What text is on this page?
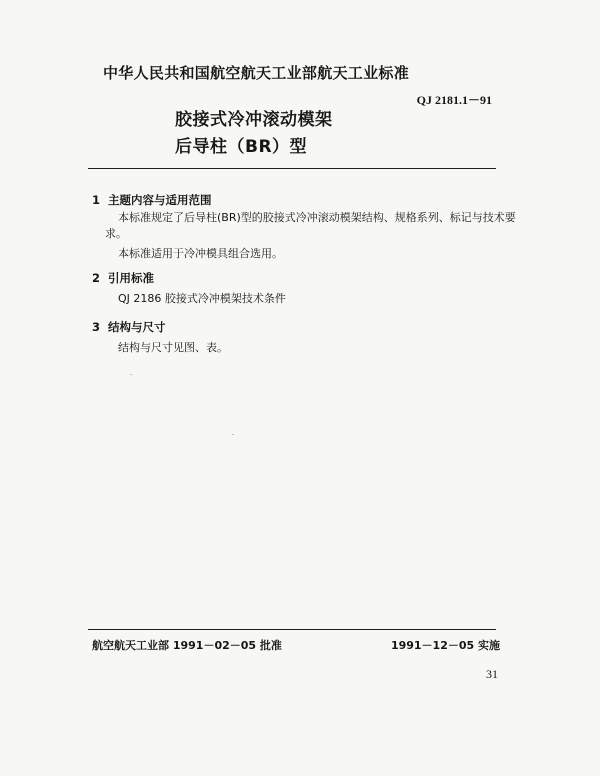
中华人民共和国航空航天工业部航天工业标准
QJ 2181.1－91
胶接式冷冲滚动模架
后导柱（BR）型
1 主题内容与适用范围
本标准规定了后导柱(BR)型的胶接式冷冲滚动模架结构、规格系列、标记与技术要
求。
本标准适用于冷冲模具组合选用。
2 引用标准
QJ 2186 胶接式冷冲模架技术条件
3 结构与尺寸
结构与尺寸见图、表。
航空航天工业部 1991－02－05 批准	1991－12－05 实施
31
